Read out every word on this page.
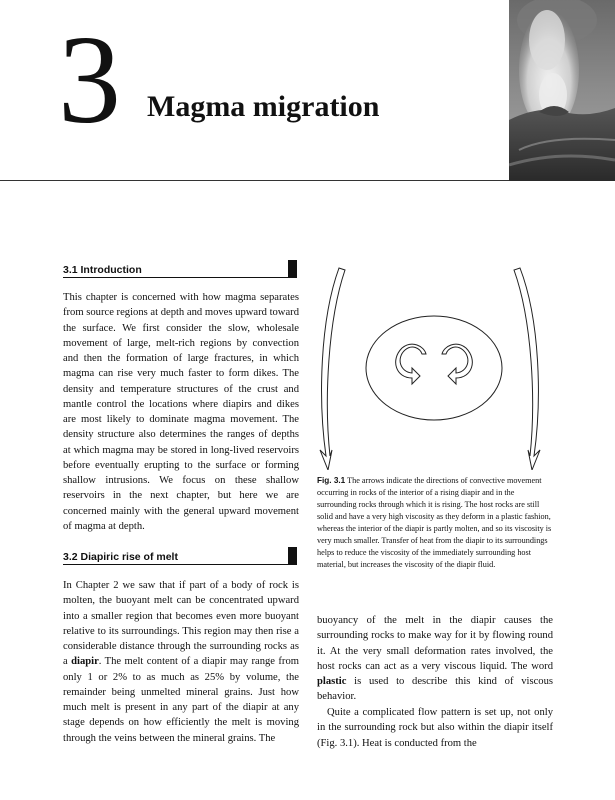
3 Magma migration
3.1 Introduction

This chapter is concerned with how magma separates from source regions at depth and moves upward toward the surface. We first consider the slow, wholesale movement of large, melt-rich regions by convection and then the formation of large fractures, in which magma can rise very much faster to form dikes. The density and temperature structures of the crust and mantle control the locations where diapirs and dikes are most likely to dominate magma movement. The density structure also determines the ranges of depths at which magma may be stored in long-lived reservoirs before eventually erupting to the surface or forming shallow intrusions. We focus on these shallow reservoirs in the next chapter, but here we are concerned mainly with the general upward movement of magma at depth.

3.2 Diapiric rise of melt

In Chapter 2 we saw that if part of a body of rock is molten, the buoyant melt can be concentrated upward into a smaller region that becomes even more buoyant relative to its surroundings. This region may then rise a considerable distance through the surrounding rocks as a diapir. The melt content of a diapir may range from only 1 or 2% to as much as 25% by volume, the remainder being unmelted mineral grains. Just how much melt is present in any part of the diapir at any stage depends on how efficiently the melt is moving through the veins between the mineral grains. The

Fig. 3.1 The arrows indicate the directions of convective movement occurring in rocks of the interior of a rising diapir and in the surrounding rocks through which it is rising. The host rocks are still solid and have a very high viscosity as they deform in a plastic fashion, whereas the interior of the diapir is partly molten, and so its viscosity is very much smaller. Transfer of heat from the diapir to its surroundings helps to reduce the viscosity of the immediately surrounding host material, but increases the viscosity of the diapir fluid.

buoyancy of the melt in the diapir causes the surrounding rocks to make way for it by flowing round it. At the very small deformation rates involved, the host rocks can act as a very viscous liquid. The word plastic is used to describe this kind of viscous behavior.

Quite a complicated flow pattern is set up, not only in the surrounding rock but also within the diapir itself (Fig. 3.1). Heat is conducted from the
